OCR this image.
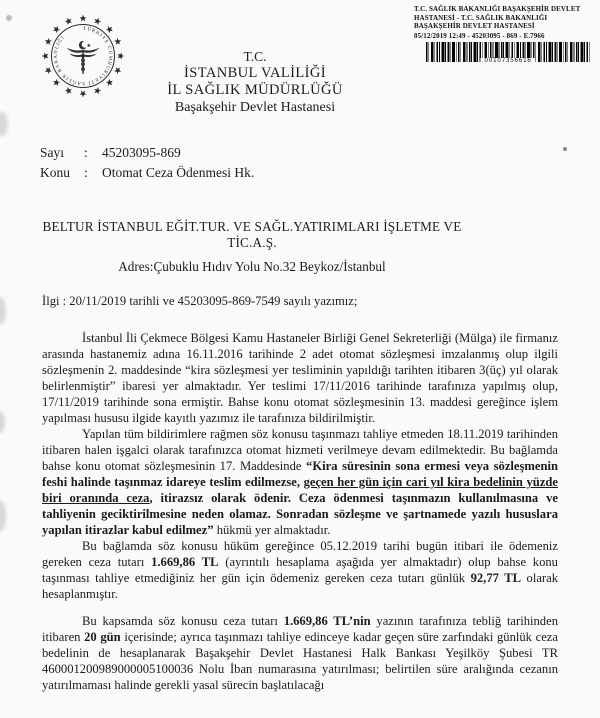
TÜRKİYE CUMHURİYETİ SAĞLIK BAKANLIĞI
T.C.
İSTANBUL VALİLİĞİ
İL SAĞLIK MÜDÜRLÜĞÜ
Başakşehir Devlet Hastanesi
T.C. SAĞLIK BAKANLIĞI BAŞAKŞEHİR DEVLET HASTANESİ - T.C. SAĞLIK BAKANLIĞI BAŞAKŞEHİR DEVLET HASTANESİ
05/12/2019 12:49 - 45203095 - 869 - E.7966
00107356616
Sayı	:	45203095-869
Konu	:	Otomat Ceza Ödenmesi Hk.
BELTUR İSTANBUL EĞİT.TUR. VE SAĞL.YATIRIMLARI İŞLETME VE TİC.A.Ş.
Adres:Çubuklu Hıdıv Yolu No.32 Beykoz/İstanbul
İlgi : 20/11/2019 tarihli ve 45203095-869-7549 sayılı yazımız;

İstanbul İli Çekmece Bölgesi Kamu Hastaneler Birliği Genel Sekreterliği (Mülga) ile firmanız arasında hastanemiz adına 16.11.2016 tarihinde 2 adet otomat sözleşmesi imzalanmış olup ilgili sözleşmenin 2. maddesinde “kira sözleşmesi yer tesliminin yapıldığı tarihten itibaren 3(üç) yıl olarak belirlenmiştir” ibaresi yer almaktadır. Yer teslimi 17/11/2016 tarihinde tarafınıza yapılmış olup, 17/11/2019 tarihinde sona ermiştir. Bahse konu otomat sözleşmesinin 13. maddesi gereğince işlem yapılması hususu ilgide kayıtlı yazımız ile tarafınıza bildirilmiştir.

Yapılan tüm bildirimlere rağmen söz konusu taşınmazı tahliye etmeden 18.11.2019 tarihinden itibaren halen işgalci olarak tarafınızca otomat hizmeti verilmeye devam edilmektedir. Bu bağlamda bahse konu otomat sözleşmesinin 17. Maddesinde “Kira süresinin sona ermesi veya sözleşmenin feshi halinde taşınmaz idareye teslim edilmezse, geçen her gün için cari yıl kira bedelinin yüzde biri oranında ceza, itirazsız olarak ödenir. Ceza ödenmesi taşınmazın kullanılmasına ve tahliyenin geciktirilmesine neden olamaz. Sonradan sözleşme ve şartnamede yazılı hususlara yapılan itirazlar kabul edilmez” hükmü yer almaktadır.

Bu bağlamda söz konusu hüküm gereğince 05.12.2019 tarihi bugün itibari ile ödemeniz gereken ceza tutarı 1.669,86 TL (ayrıntılı hesaplama aşağıda yer almaktadır) olup bahse konu taşınması tahliye etmediğiniz her gün için ödemeniz gereken ceza tutarı günlük 92,77 TL olarak hesaplanmıştır.

Bu kapsamda söz konusu ceza tutarı 1.669,86 TL’nin yazının tarafınıza tebliğ tarihinden itibaren 20 gün içerisinde; ayrıca taşınmazı tahliye edinceye kadar geçen süre zarfındaki günlük ceza bedelinin de hesaplanarak Başakşehir Devlet Hastanesi Halk Bankası Yeşilköy Şubesi TR 460001200989000005100036 Nolu İban numarasına yatırılması; belirtilen süre aralığında cezanın yatırılmaması halinde gerekli yasal sürecin başlatılacağı
